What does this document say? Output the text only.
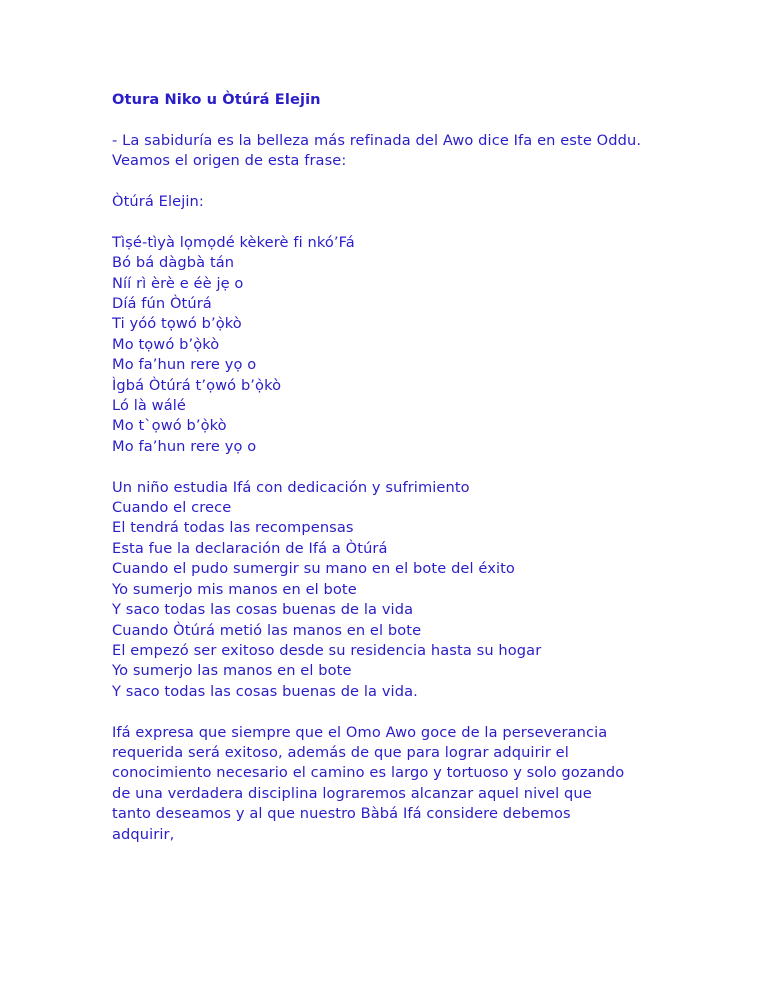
Otura Niko u Òtúrá Elejin

- La sabiduría es la belleza más refinada del Awo dice Ifa en este Oddu. Veamos el origen de esta frase:

Òtúrá Elejin:

Tìṣé-tìyà lọmọdé kèkerè fi nkó’Fá
Bó bá dàgbà tán
Níí rì èrè e éè jẹ o
Díá fún Òtúrá
Ti yóó tọwó b’ọ̀kò
Mo tọwó b’ọ̀kò
Mo fa’hun rere yọ o
Ìgbá Òtúrá t’ọwó b’ọ̀kò
Ló là wálé
Mo t`ọwó b’ọ̀kò
Mo fa’hun rere yọ o
Un niño estudia Ifá con dedicación y sufrimiento
Cuando el crece
El tendrá todas las recompensas
Esta fue la declaración de Ifá a Òtúrá
Cuando el pudo sumergir su mano en el bote del éxito
Yo sumerjo mis manos en el bote
Y saco todas las cosas buenas de la vida
Cuando Òtúrá metió las manos en el bote
El empezó ser exitoso desde su residencia hasta su hogar
Yo sumerjo las manos en el bote
Y saco todas las cosas buenas de la vida.
Ifá expresa que siempre que el Omo Awo goce de la perseverancia
requerida será exitoso, además de que para lograr adquirir el
conocimiento necesario el camino es largo y tortuoso y solo gozando
de una verdadera disciplina lograremos alcanzar aquel nivel que
tanto deseamos y al que nuestro Bàbá Ifá considere debemos
adquirir,
